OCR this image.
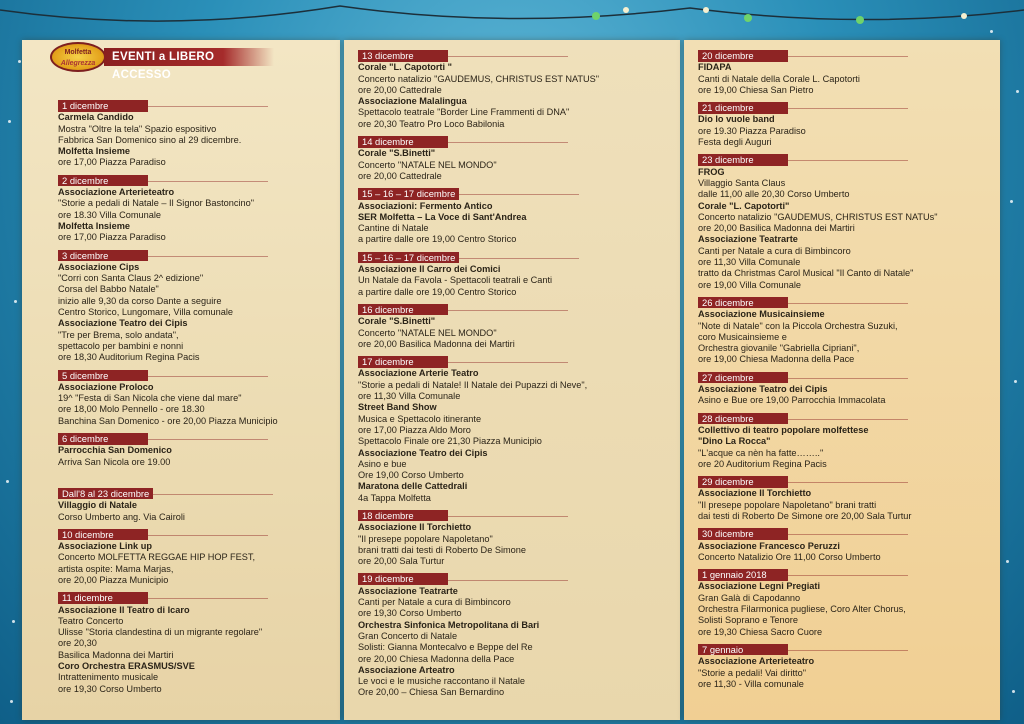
Molfetta
Allegrezza
EVENTI a LIBERO ACCESSO
1 dicembre
Carmela Candido
Mostra "Oltre la tela" Spazio espositivo
Fabbrica San Domenico sino al 29 dicembre.
Molfetta Insieme
ore 17,00 Piazza Paradiso
2 dicembre
Associazione Arterieteatro
"Storie a pedali di Natale – Il Signor Bastoncino"
ore 18.30 Villa Comunale
Molfetta Insieme
ore 17,00 Piazza Paradiso
3 dicembre
Associazione Cips
"Corri con Santa Claus 2^ edizione"
Corsa del Babbo Natale"
inizio alle 9,30 da corso Dante a seguire
Centro Storico, Lungomare, Villa comunale
Associazione Teatro dei Cipis
"Tre per Brema, solo andata",
spettacolo per bambini e nonni
ore 18,30 Auditorium Regina Pacis
5 dicembre
Associazione Proloco
19^ "Festa di San Nicola che viene dal mare"
ore 18,00 Molo Pennello - ore 18.30
Banchina San Domenico - ore 20,00 Piazza Municipio
6 dicembre
Parrocchia San Domenico
Arriva San Nicola ore 19.00
Dall'8 al 23 dicembre
Villaggio di Natale
Corso Umberto ang. Via Cairoli
10 dicembre
Associazione Link up
Concerto MOLFETTA REGGAE HIP HOP FEST,
artista ospite: Mama Marjas,
ore 20,00 Piazza Municipio
11 dicembre
Associazione Il Teatro di Icaro
Teatro Concerto
Ulisse "Storia clandestina di un migrante regolare"
ore 20,30
Basilica Madonna dei Martiri
Coro Orchestra ERASMUS/SVE
Intrattenimento musicale
ore 19,30 Corso Umberto
13 dicembre
Corale "L. Capotorti "
Concerto natalizio "GAUDEMUS, CHRISTUS EST NATUS"
ore 20,00 Cattedrale
Associazione Malalingua
Spettacolo teatrale "Border Line Frammenti di DNA"
ore 20,30 Teatro Pro Loco Babilonia
14 dicembre
Corale "S.Binetti"
Concerto "NATALE NEL MONDO"
ore 20,00 Cattedrale
15 – 16 – 17 dicembre
Associazioni: Fermento Antico
SER Molfetta – La Voce di Sant'Andrea
Cantine di Natale
a partire dalle ore 19,00 Centro Storico
15 – 16 – 17 dicembre
Associazione Il Carro dei Comici
Un Natale da Favola - Spettacoli teatrali e Canti
a partire dalle ore 19,00 Centro Storico
16 dicembre
Corale "S.Binetti"
Concerto "NATALE NEL MONDO"
ore 20,00 Basilica Madonna dei Martiri
17 dicembre
Associazione Arterie Teatro
"Storie a pedali di Natale! Il Natale dei Pupazzi di Neve",
ore 11,30 Villa Comunale
Street Band Show
Musica e Spettacolo itinerante
ore 17,00 Piazza Aldo Moro
Spettacolo Finale ore 21,30 Piazza Municipio
Associazione Teatro dei Cipis
Asino e bue
Ore 19,00 Corso Umberto
Maratona delle Cattedrali
4a Tappa Molfetta
18 dicembre
Associazione Il Torchietto
"Il presepe popolare Napoletano"
brani tratti dai testi di Roberto De Simone
ore 20,00 Sala Turtur
19 dicembre
Associazione Teatrarte
Canti per Natale a cura di Bimbincoro
ore 19,30 Corso Umberto
Orchestra Sinfonica Metropolitana di Bari
Gran Concerto di Natale
Solisti: Gianna Montecalvo e Beppe del Re
ore 20,00 Chiesa Madonna della Pace
Associazione Arteatro
Le voci e le musiche raccontano il Natale
Ore 20,00 – Chiesa San Bernardino
20 dicembre
FIDAPA
Canti di Natale della Corale L. Capotorti
ore 19,00 Chiesa San Pietro
21 dicembre
Dio lo vuole band
ore 19.30 Piazza Paradiso
Festa degli Auguri
23 dicembre
FROG
Villaggio Santa Claus
dalle 11,00 alle 20,30 Corso Umberto
Corale "L. Capotorti"
Concerto natalizio "GAUDEMUS, CHRISTUS EST NATUs"
ore 20,00 Basilica Madonna dei Martiri
Associazione Teatrarte
Canti per Natale a cura di Bimbincoro
ore 11,30 Villa Comunale
tratto da Christmas Carol Musical "Il Canto di Natale"
ore 19,00 Villa Comunale
26 dicembre
Associazione Musicainsieme
"Note di Natale" con la Piccola Orchestra Suzuki,
coro Musicainsieme e
Orchestra giovanile "Gabriella Cipriani",
ore 19,00 Chiesa Madonna della Pace
27 dicembre
Associazione Teatro dei Cipis
Asino e Bue ore 19,00 Parrocchia Immacolata
28 dicembre
Collettivo di teatro popolare molfettese
"Dino La Rocca"
"L'acque ca nèn ha fatte…….."
ore 20 Auditorium Regina Pacis
29 dicembre
Associazione Il Torchietto
"Il presepe popolare Napoletano" brani tratti
dai testi di Roberto De Simone ore 20,00 Sala Turtur
30 dicembre
Associazione Francesco Peruzzi
Concerto Natalizio Ore 11,00 Corso Umberto
1 gennaio 2018
Associazione Legni Pregiati
Gran Galà di Capodanno
Orchestra Filarmonica pugliese, Coro Alter Chorus,
Solisti Soprano e Tenore
ore 19,30 Chiesa Sacro Cuore
7 gennaio
Associazione Arterieteatro
"Storie a pedali! Vai diritto"
ore 11,30 - Villa comunale
